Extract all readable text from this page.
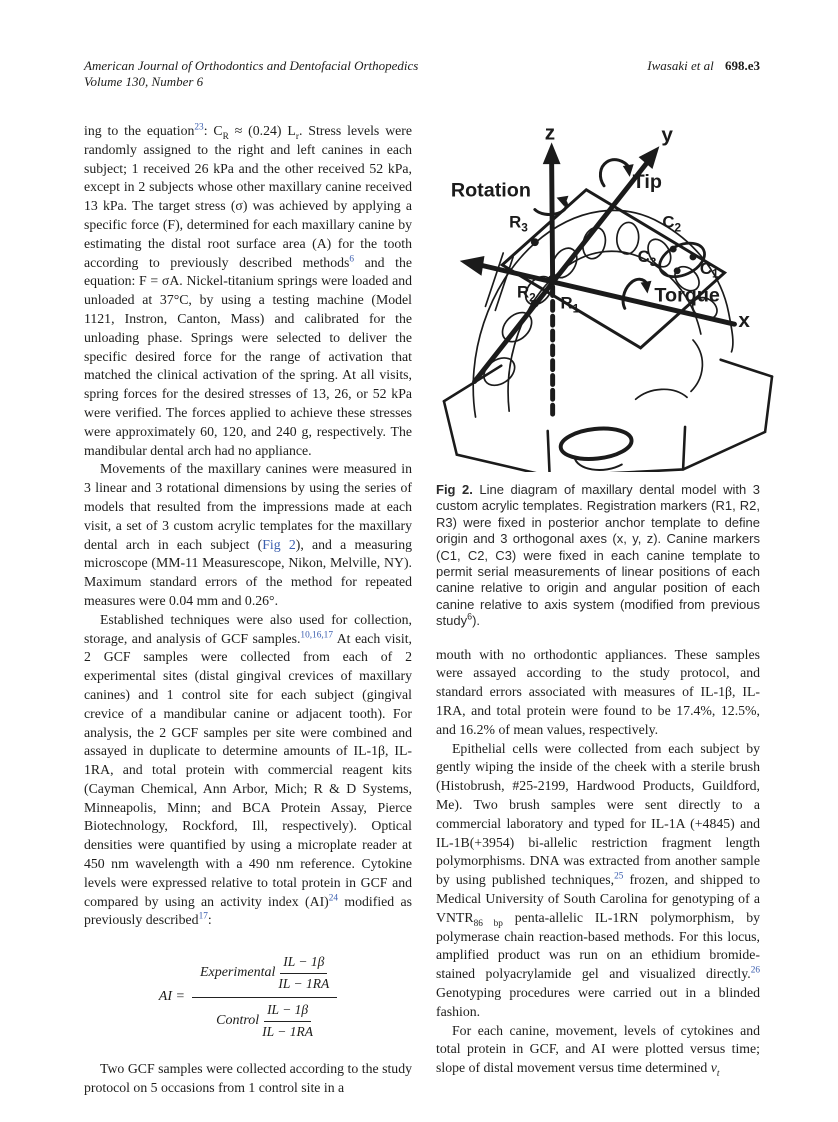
American Journal of Orthodontics and Dentofacial Orthopedics
Volume 130, Number 6
Iwasaki et al 698.e3

ing to the equation$^{23}$: $C_R \approx (0.24)$ $L_r$. Stress levels were randomly assigned to the right and left canines in each subject; 1 received 26 kPa and the other received 52 kPa, except in 2 subjects whose other maxillary canine received 13 kPa. The target stress (σ) was achieved by applying a specific force (F), determined for each maxillary canine by estimating the distal root surface area (A) for the tooth according to previously described methods$^6$ and the equation: F = σA. Nickel-titanium springs were loaded and unloaded at 37°C, by using a testing machine (Model 1121, Instron, Canton, Mass) and calibrated for the unloading phase. Springs were selected to deliver the specific desired force for the range of activation that matched the clinical activation of the spring. At all visits, spring forces for the desired stresses of 13, 26, or 52 kPa were verified. The forces applied to achieve these stresses were approximately 60, 120, and 240 g, respectively. The mandibular dental arch had no appliance.

Movements of the maxillary canines were measured in 3 linear and 3 rotational dimensions by using the series of models that resulted from the impressions made at each visit, a set of 3 custom acrylic templates for the maxillary dental arch in each subject (Fig 2), and a measuring microscope (MM-11 Measurescope, Nikon, Melville, NY). Maximum standard errors of the method for repeated measures were 0.04 mm and 0.26°.

Established techniques were also used for collection, storage, and analysis of GCF samples.$^{10,16,17}$ At each visit, 2 GCF samples were collected from each of 2 experimental sites (distal gingival crevices of maxillary canines) and 1 control site for each subject (gingival crevice of a mandibular canine or adjacent tooth). For analysis, the 2 GCF samples per site were combined and assayed in duplicate to determine amounts of IL-1β, IL-1RA, and total protein with commercial reagent kits (Cayman Chemical, Ann Arbor, Mich; R & D Systems, Minneapolis, Minn; and BCA Protein Assay, Pierce Biotechnology, Rockford, Ill, respectively). Optical densities were quantified by using a microplate reader at 450 nm wavelength with a 490 nm reference. Cytokine levels were expressed relative to total protein in GCF and compared by using an activity index (AI)$^{24}$ modified as previously described$^{17}$:

AI =
Experimental $\frac{IL - 1\beta}{IL - 1RA}$
Control $\frac{IL - 1\beta}{IL - 1RA}$

Two GCF samples were collected according to the study protocol on 5 occasions from 1 control site in a

z	y
x
Rotation	Tip
Torque
$R_3$
$R_2$ $R_1$
$C_2$
$C_3$	$C_1$

Fig 2. Line diagram of maxillary dental model with 3 custom acrylic templates. Registration markers (R1, R2, R3) were fixed in posterior anchor template to define origin and 3 orthogonal axes (x, y, z). Canine markers (C1, C2, C3) were fixed in each canine template to permit serial measurements of linear positions of each canine relative to origin and angular position of each canine relative to axis system (modified from previous study$^6$).

mouth with no orthodontic appliances. These samples were assayed according to the study protocol, and standard errors associated with measures of IL-1β, IL-1RA, and total protein were found to be 17.4%, 12.5%, and 16.2% of mean values, respectively.

Epithelial cells were collected from each subject by gently wiping the inside of the cheek with a sterile brush (Histobrush, #25-2199, Hardwood Products, Guildford, Me). Two brush samples were sent directly to a commercial laboratory and typed for IL-1A (+4845) and IL-1B(+3954) bi-allelic restriction fragment length polymorphisms. DNA was extracted from another sample by using published techniques,$^{25}$ frozen, and shipped to Medical University of South Carolina for genotyping of a $VNTR_{86 bp}$ penta-allelic IL-1RN polymorphism, by polymerase chain reaction-based methods. For this locus, amplified product was run on an ethidium bromide-stained polyacrylamide gel and visualized directly.$^{26}$ Genotyping procedures were carried out in a blinded fashion.

For each canine, movement, levels of cytokines and total protein in GCF, and AI were plotted versus time; slope of distal movement versus time determined $v_t$
